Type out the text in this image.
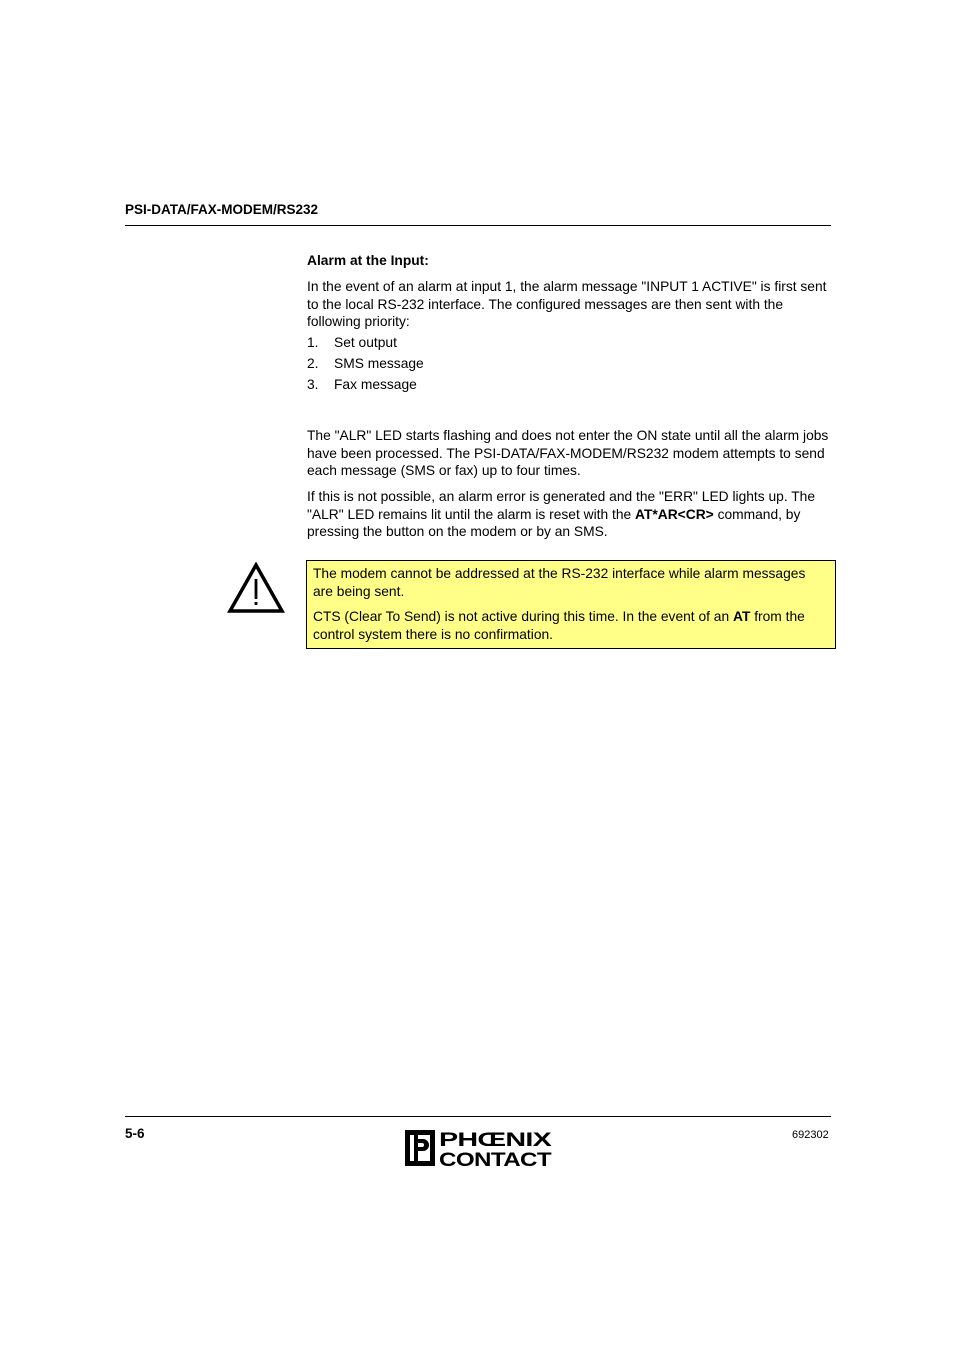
PSI-DATA/FAX-MODEM/RS232
Alarm at the Input:
In the event of an alarm at input 1, the alarm message "INPUT 1 ACTIVE" is first sent to the local RS-232 interface. The configured messages are then sent with the following priority:
1.	Set output
2.	SMS message
3.	Fax message
The "ALR" LED starts flashing and does not enter the ON state until all the alarm jobs have been processed. The PSI-DATA/FAX-MODEM/RS232 modem attempts to send each message (SMS or fax) up to four times.
If this is not possible, an alarm error is generated and the "ERR" LED lights up. The "ALR" LED remains lit until the alarm is reset with the AT*AR<CR> command, by pressing the button on the modem or by an SMS.

The modem cannot be addressed at the RS-232 interface while alarm messages are being sent.

CTS (Clear To Send) is not active during this time. In the event of an AT from the control system there is no confirmation.

5-6	PHŒNIX
CONTACT
692302
